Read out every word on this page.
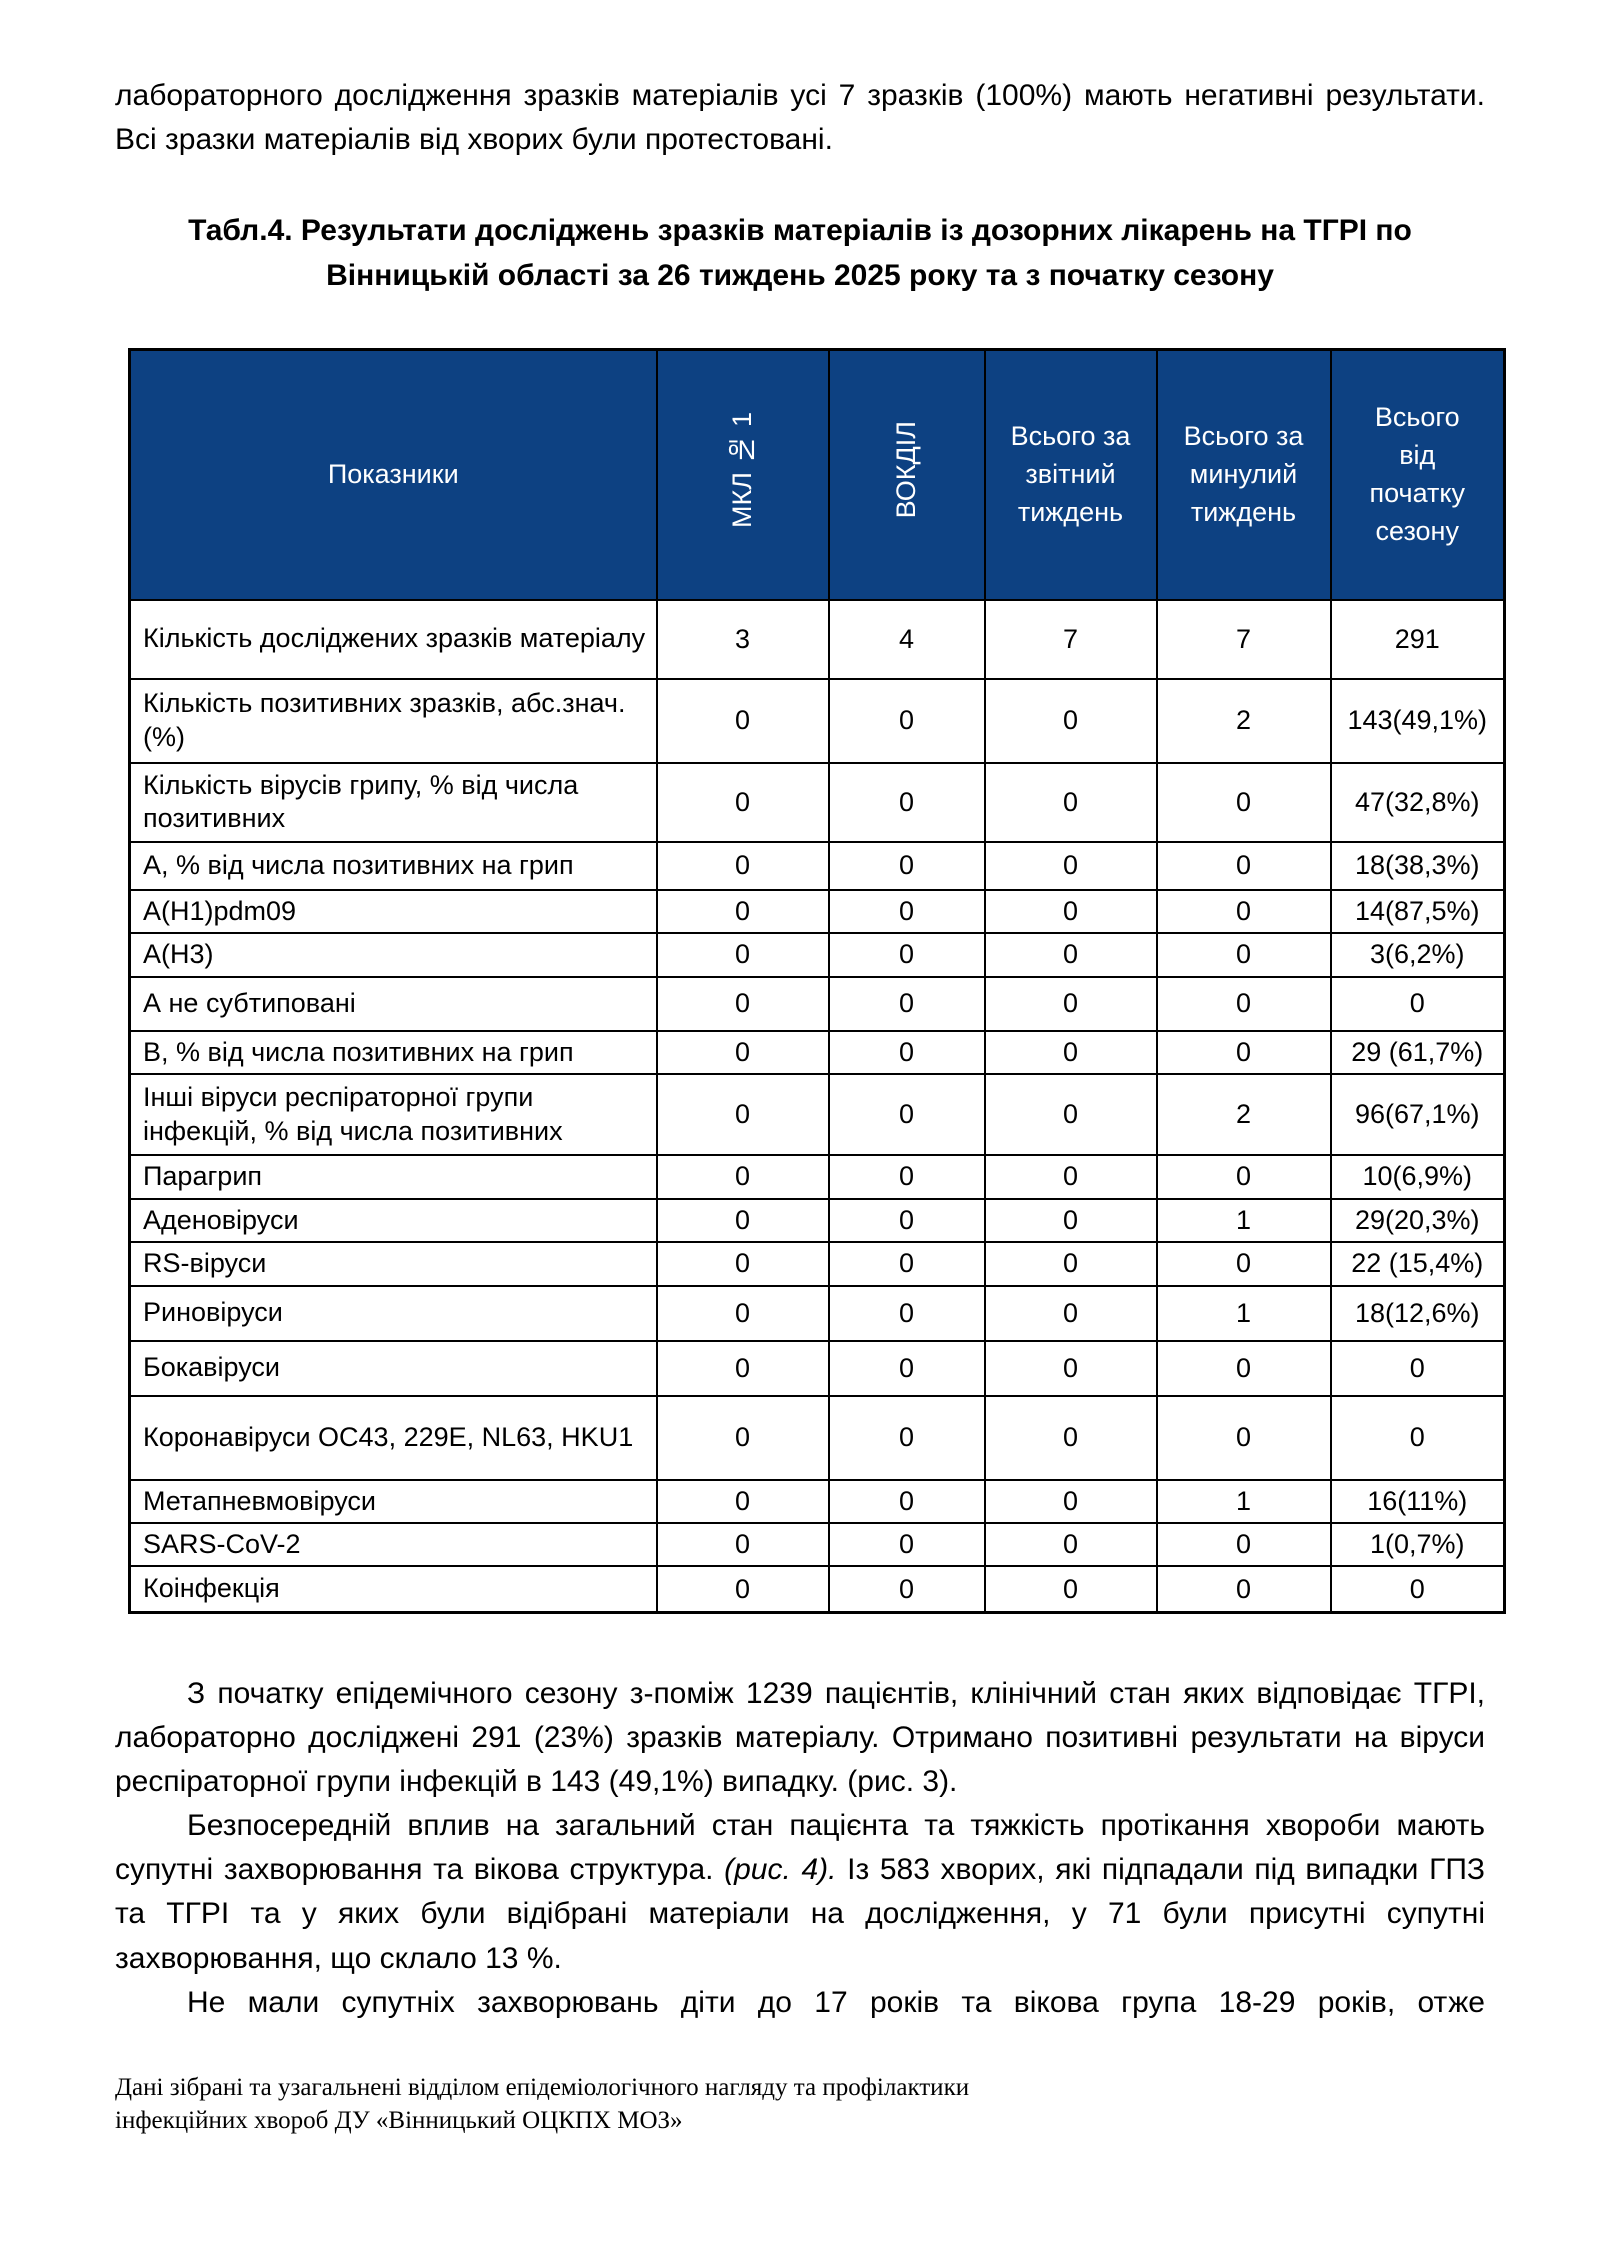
лабораторного дослідження зразків матеріалів усі 7 зразків (100%) мають негативні результати. Всі зразки матеріалів від хворих були протестовані.

Табл.4. Результати досліджень зразків матеріалів із дозорних лікарень на ТГРІ по Вінницькій області за 26 тиждень 2025 року та з початку сезону
Показники	МКЛ № 1	ВОКДІЛ	Всього за звітний тиждень	Всього за минулий тиждень	Всього від початку сезону
Кількість досліджених зразків матеріалу	3	4	7	7	291
Кількість позитивних зразків, абс.знач. (%)	0	0	0	2	143(49,1%)
Кількість вірусів грипу, % від числа позитивних	0	0	0	0	47(32,8%)
А, % від числа позитивних на грип	0	0	0	0	18(38,3%)
A(H1)pdm09	0	0	0	0	14(87,5%)
A(H3)	0	0	0	0	3(6,2%)
А не субтиповані	0	0	0	0	0
В, % від числа позитивних на грип	0	0	0	0	29 (61,7%)
Інші віруси респіраторної групи інфекцій, % від числа позитивних	0	0	0	2	96(67,1%)
Парагрип	0	0	0	0	10(6,9%)
Аденовіруси	0	0	0	1	29(20,3%)
RS-віруси	0	0	0	0	22 (15,4%)
Риновіруси	0	0	0	1	18(12,6%)
Бокавіруси	0	0	0	0	0
Коронавіруси OC43, 229E, NL63, HKU1	0	0	0	0	0
Метапневмовіруси	0	0	0	1	16(11%)
SARS-CoV-2	0	0	0	0	1(0,7%)
Коінфекція	0	0	0	0	0

З початку епідемічного сезону з-поміж 1239 пацієнтів, клінічний стан яких відповідає ТГРІ, лабораторно досліджені 291 (23%) зразків матеріалу. Отримано позитивні результати на віруси респіраторної групи інфекцій в 143 (49,1%) випадку. (рис. 3).

Безпосередній вплив на загальний стан пацієнта та тяжкість протікання хвороби мають супутні захворювання та вікова структура. (рис. 4). Із 583 хворих, які підпадали під випадки ГПЗ та ТГРІ та у яких були відібрані матеріали на дослідження, у 71 були присутні супутні захворювання, що склало 13 %.

Не мали супутніх захворювань діти до 17 років та вікова група 18-29 років, отже

Дані зібрані та узагальнені відділом епідеміологічного нагляду та профілактики інфекційних хвороб ДУ «Вінницький ОЦКПХ МОЗ»
